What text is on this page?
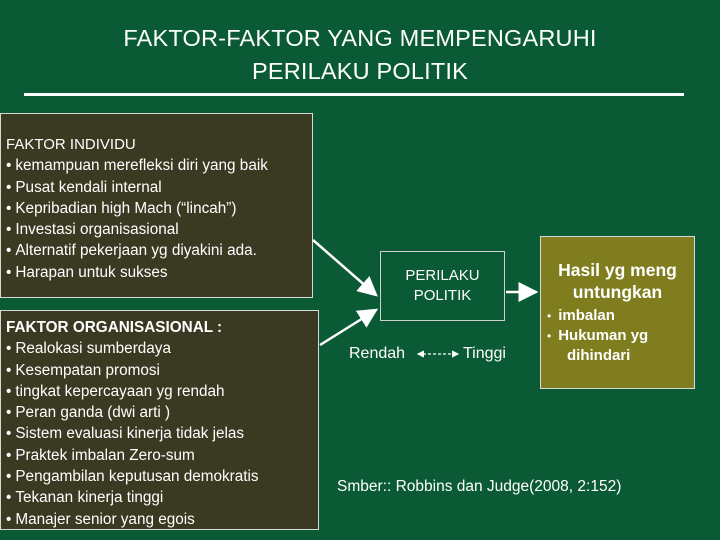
FAKTOR-FAKTOR YANG MEMPENGARUHI
PERILAKU POLITIK
FAKTOR INDIVIDU
• kemampuan merefleksi diri yang baik
• Pusat kendali internal
• Kepribadian high Mach (“lincah”)
• Investasi organisasional
• Alternatif pekerjaan yg diyakini ada.
• Harapan untuk sukses
FAKTOR ORGANISASIONAL :
• Realokasi sumberdaya
• Kesempatan promosi
• tingkat kepercayaan yg rendah
• Peran ganda (dwi arti )
• Sistem evaluasi kinerja tidak jelas
• Praktek imbalan Zero-sum
• Pengambilan keputusan demokratis
• Tekanan kinerja tinggi
• Manajer senior yang egois
PERILAKU
POLITIK
Hasil yg meng
untungkan
• imbalan
• Hukuman yg
dihindari
Rendah	Tinggi
Smber:: Robbins dan Judge(2008, 2:152)
